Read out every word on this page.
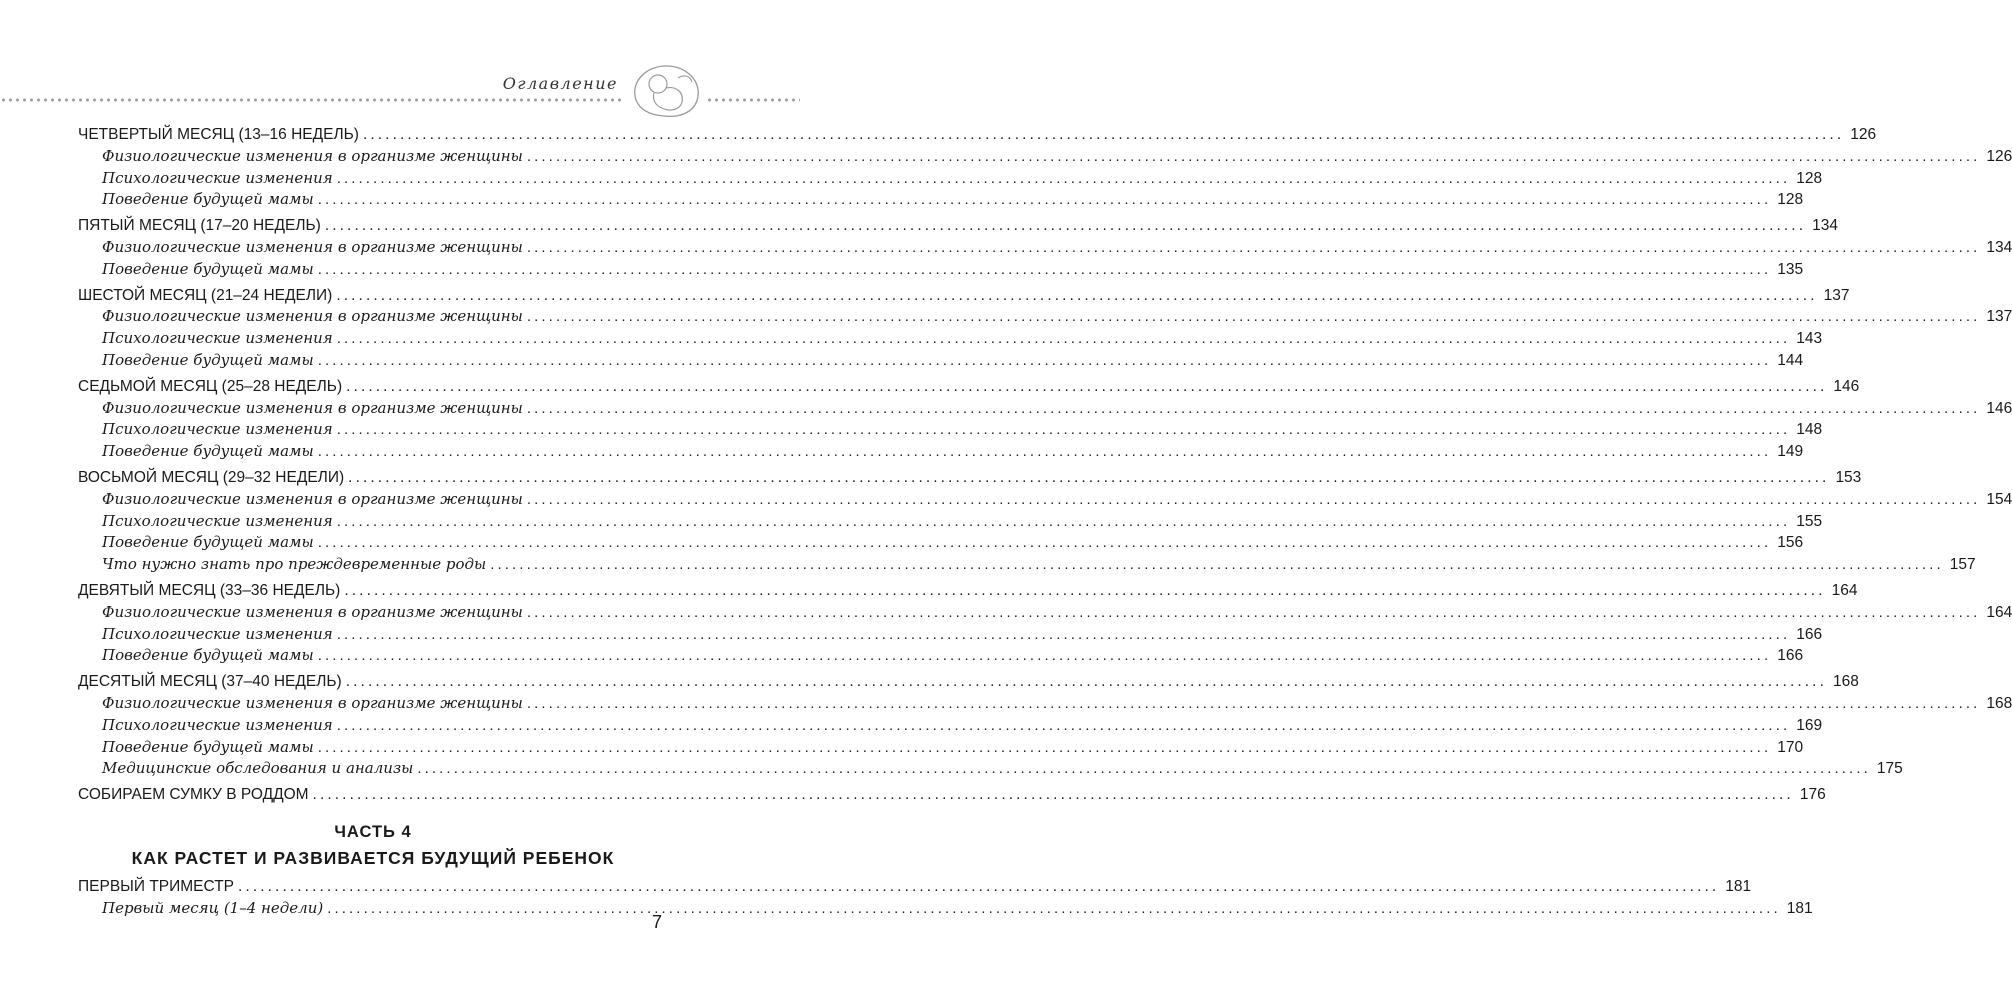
Оглавление
ЧЕТВЕРТЫЙ МЕСЯЦ (13–16 НЕДЕЛЬ) ........................................................................................................................................................................................................ 126
Физиологические изменения в организме женщины ........................................................................................................................................................................................................ 126
Психологические изменения ........................................................................................................................................................................................................ 128
Поведение будущей мамы ........................................................................................................................................................................................................ 128
ПЯТЫЙ МЕСЯЦ (17–20 НЕДЕЛЬ) ........................................................................................................................................................................................................ 134
Физиологические изменения в организме женщины ........................................................................................................................................................................................................ 134
Поведение будущей мамы ........................................................................................................................................................................................................ 135
ШЕСТОЙ МЕСЯЦ (21–24 НЕДЕЛИ) ........................................................................................................................................................................................................ 137
Физиологические изменения в организме женщины ........................................................................................................................................................................................................ 137
Психологические изменения ........................................................................................................................................................................................................ 143
Поведение будущей мамы ........................................................................................................................................................................................................ 144
СЕДЬМОЙ МЕСЯЦ (25–28 НЕДЕЛЬ) ........................................................................................................................................................................................................ 146
Физиологические изменения в организме женщины ........................................................................................................................................................................................................ 146
Психологические изменения ........................................................................................................................................................................................................ 148
Поведение будущей мамы ........................................................................................................................................................................................................ 149
ВОСЬМОЙ МЕСЯЦ (29–32 НЕДЕЛИ) ........................................................................................................................................................................................................ 153
Физиологические изменения в организме женщины ........................................................................................................................................................................................................ 154
Психологические изменения ........................................................................................................................................................................................................ 155
Поведение будущей мамы ........................................................................................................................................................................................................ 156
Что нужно знать про преждевременные роды ........................................................................................................................................................................................................ 157
ДЕВЯТЫЙ МЕСЯЦ (33–36 НЕДЕЛЬ) ........................................................................................................................................................................................................ 164
Физиологические изменения в организме женщины ........................................................................................................................................................................................................ 164
Психологические изменения ........................................................................................................................................................................................................ 166
Поведение будущей мамы ........................................................................................................................................................................................................ 166
ДЕСЯТЫЙ МЕСЯЦ (37–40 НЕДЕЛЬ) ........................................................................................................................................................................................................ 168
Физиологические изменения в организме женщины ........................................................................................................................................................................................................ 168
Психологические изменения ........................................................................................................................................................................................................ 169
Поведение будущей мамы ........................................................................................................................................................................................................ 170
Медицинские обследования и анализы ........................................................................................................................................................................................................ 175
СОБИРАЕМ СУМКУ В РОДДОМ ........................................................................................................................................................................................................ 176
ЧАСТЬ 4
КАК РАСТЕТ И РАЗВИВАЕТСЯ БУДУЩИЙ РЕБЕНОК
ПЕРВЫЙ ТРИМЕСТР ........................................................................................................................................................................................................ 181
Первый месяц (1–4 недели) ........................................................................................................................................................................................................ 181
7
